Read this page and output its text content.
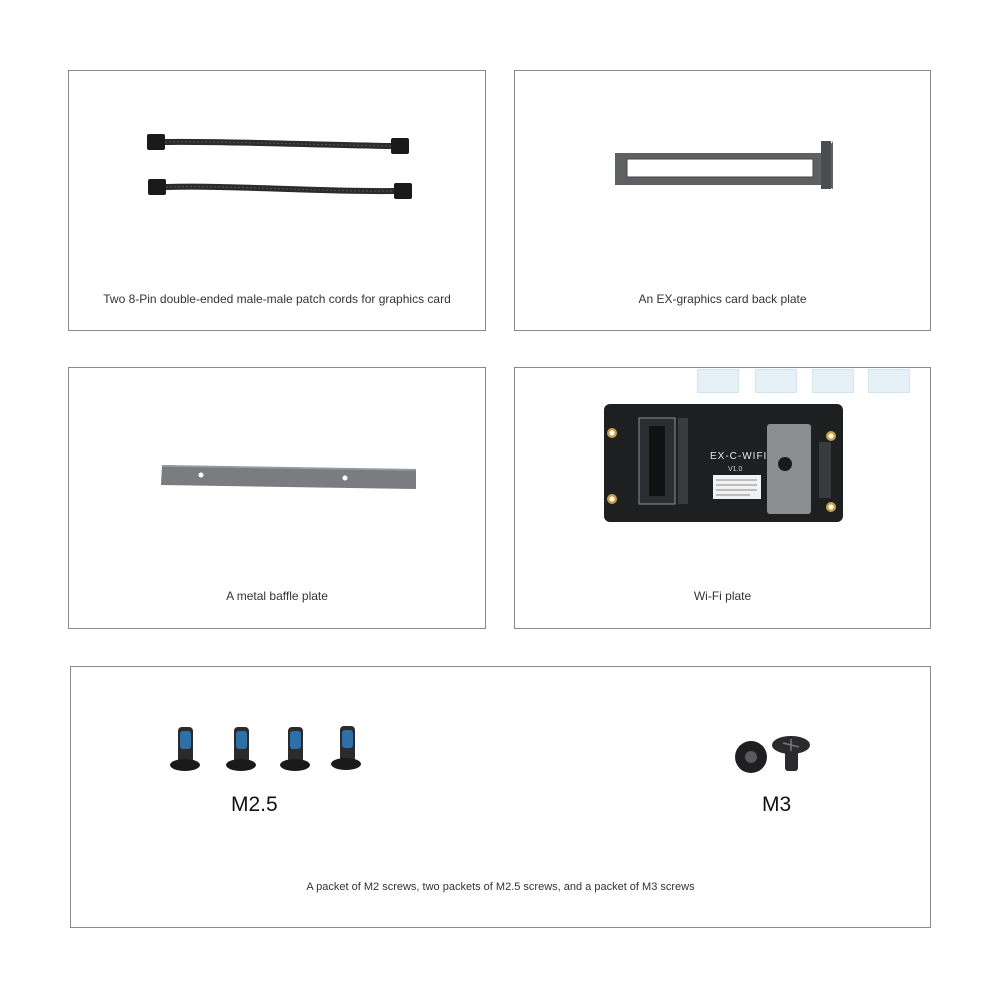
Two 8-Pin double-ended male-male patch cords for graphics card	An EX-graphics card back plate
A metal baffle plate
EX-C-WIFI
V1.0
Wi-Fi plate
M2.5	M3
A packet of M2 screws, two packets of M2.5 screws, and a packet of M3 screws
